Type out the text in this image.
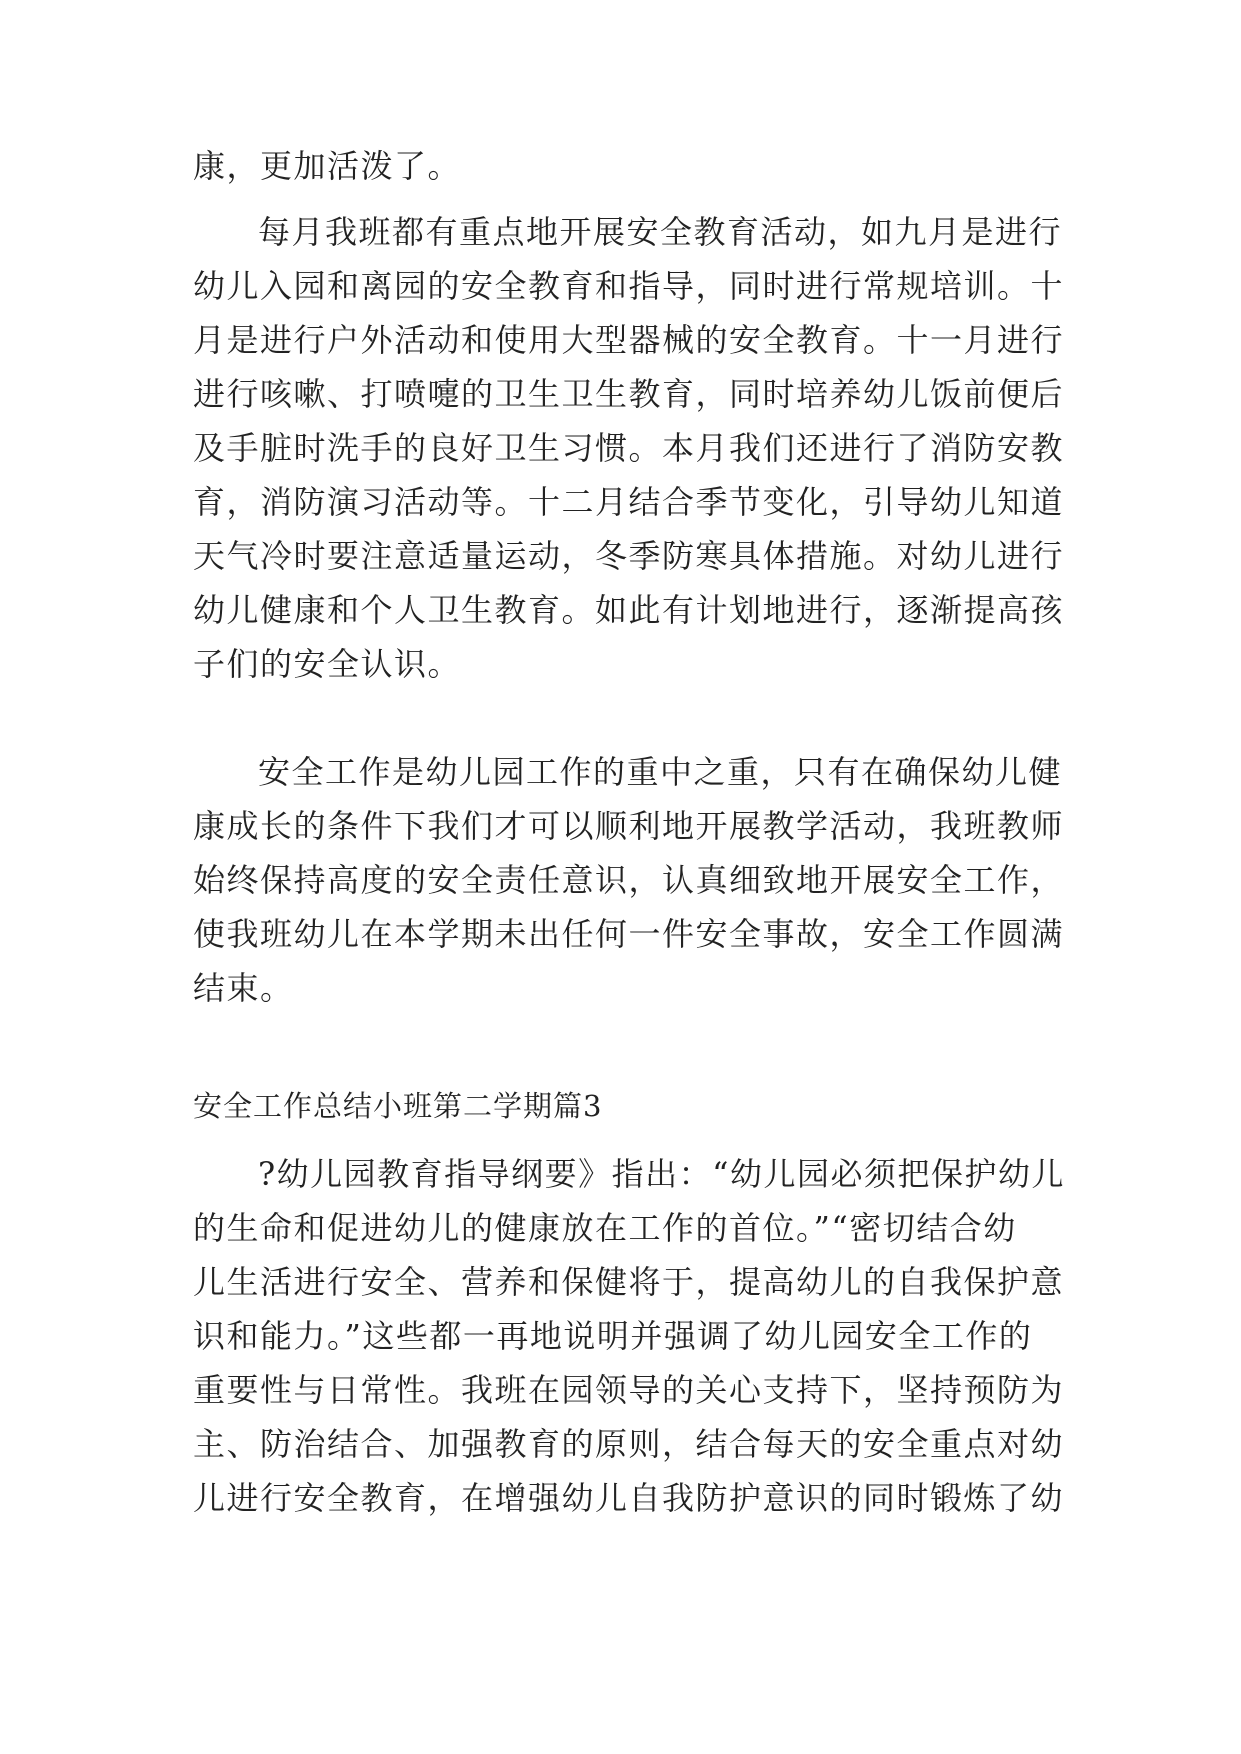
康，更加活泼了。
每月我班都有重点地开展安全教育活动，如九月是进行
幼儿入园和离园的安全教育和指导，同时进行常规培训。十
月是进行户外活动和使用大型器械的安全教育。十一月进行
进行咳嗽、打喷嚏的卫生卫生教育，同时培养幼儿饭前便后
及手脏时洗手的良好卫生习惯。本月我们还进行了消防安教
育，消防演习活动等。十二月结合季节变化，引导幼儿知道
天气冷时要注意适量运动，冬季防寒具体措施。对幼儿进行
幼儿健康和个人卫生教育。如此有计划地进行，逐渐提高孩
子们的安全认识。
安全工作是幼儿园工作的重中之重，只有在确保幼儿健
康成长的条件下我们才可以顺利地开展教学活动，我班教师
始终保持高度的安全责任意识，认真细致地开展安全工作，
使我班幼儿在本学期未出任何一件安全事故，安全工作圆满
结束。
安全工作总结小班第二学期篇3
?幼儿园教育指导纲要》指出：“幼儿园必须把保护幼儿
的生命和促进幼儿的健康放在工作的首位。”“密切结合幼
儿生活进行安全、营养和保健将于，提高幼儿的自我保护意
识和能力。”这些都一再地说明并强调了幼儿园安全工作的
重要性与日常性。我班在园领导的关心支持下，坚持预防为
主、防治结合、加强教育的原则，结合每天的安全重点对幼
儿进行安全教育，在增强幼儿自我防护意识的同时锻炼了幼
